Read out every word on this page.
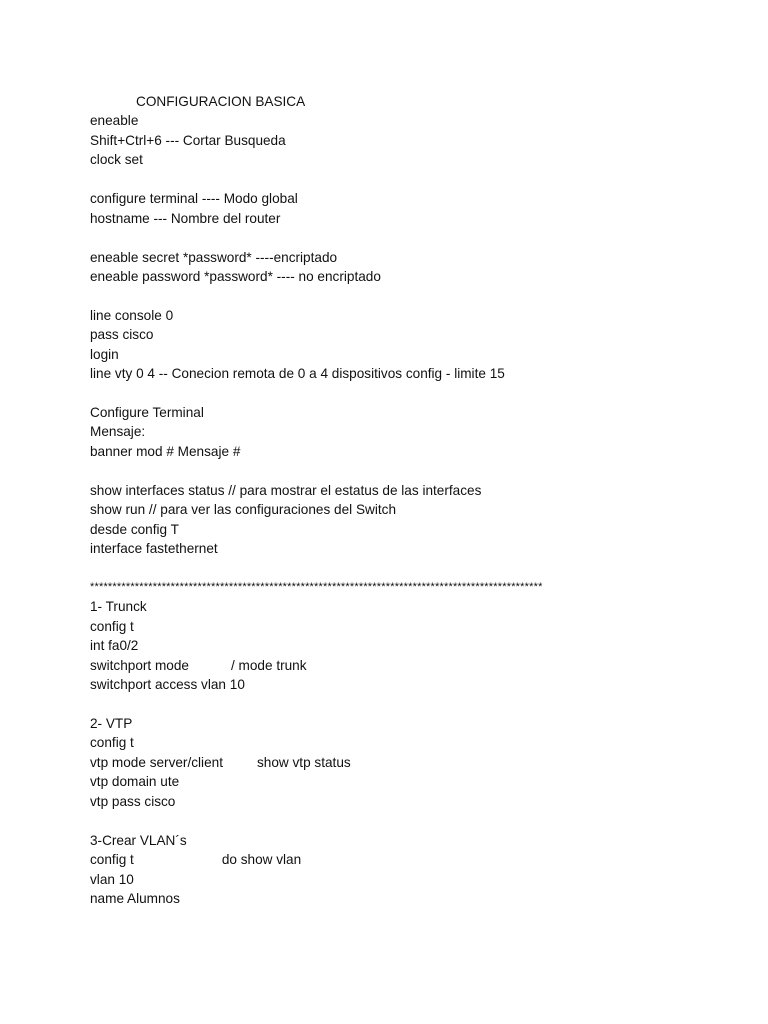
CONFIGURACION BASICA
eneable
Shift+Ctrl+6 --- Cortar Busqueda
clock set
configure terminal ---- Modo global
hostname --- Nombre del router
eneable secret *password* ----encriptado
eneable password *password* ---- no encriptado
line console 0
pass cisco
login
line vty 0 4 -- Conecion remota de 0 a 4 dispositivos config - limite 15
Configure Terminal
Mensaje:
banner mod # Mensaje #
show interfaces status // para mostrar el estatus de las interfaces
show run // para ver las configuraciones del Switch
desde config T
interface fastethernet
*****************************************************************************************************
1- Trunck
config t
int fa0/2
switchport mode	/ mode trunk
switchport access vlan 10
2- VTP
config t
vtp mode server/client	show vtp status
vtp domain ute
vtp pass cisco
3-Crear VLAN´s
config t	do show vlan
vlan 10
name Alumnos
